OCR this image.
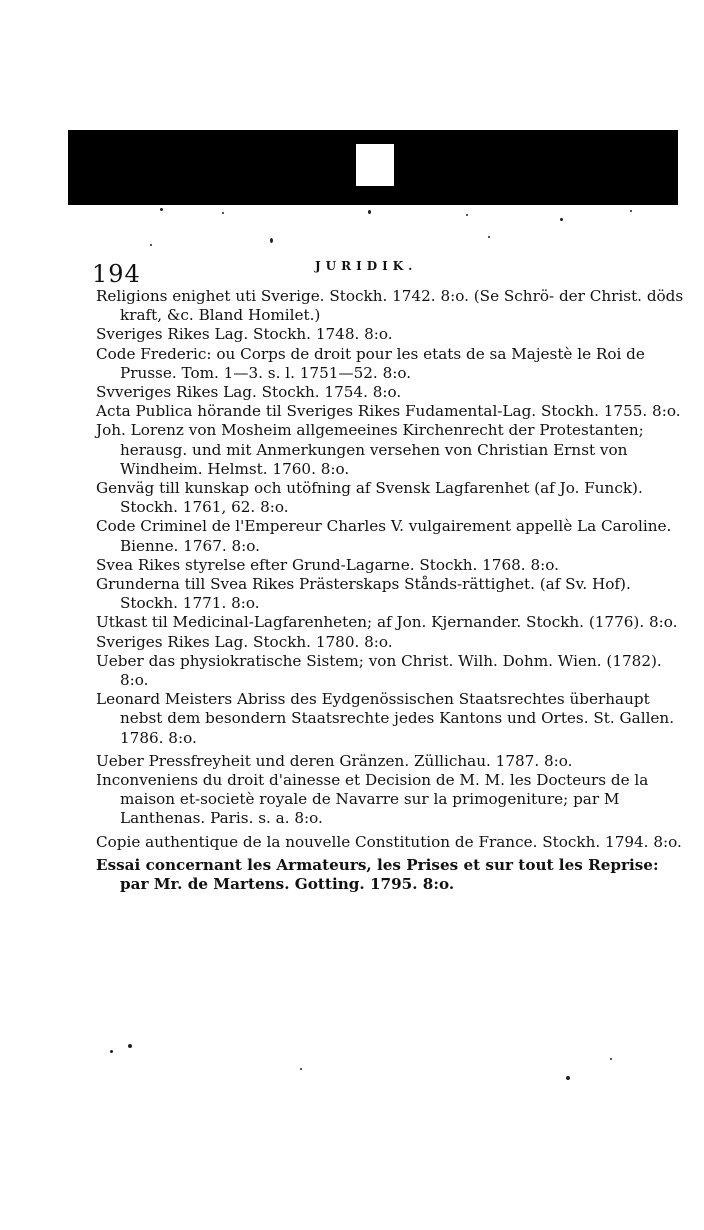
194	JURIDIK.
Religions enighet uti Sverige. Stockh. 1742. 8:o. (Se Schrö- der Christ. döds kraft, &c. Bland Homilet.)
Sveriges Rikes Lag. Stockh. 1748. 8:o.
Code Frederic: ou Corps de droit pour les etats de sa Majestè le Roi de Prusse. Tom. 1—3. s. l. 1751—52. 8:o.
Svveriges Rikes Lag. Stockh. 1754. 8:o.
Acta Publica hörande til Sveriges Rikes Fudamental-Lag. Stockh. 1755. 8:o.
Joh. Lorenz von Mosheim allgemeeines Kirchenrecht der Protestanten; herausg. und mit Anmerkungen versehen von Christian Ernst von Windheim. Helmst. 1760. 8:o.
Genväg till kunskap och utöfning af Svensk Lagfarenhet (af Jo. Funck). Stockh. 1761, 62. 8:o.
Code Criminel de l'Empereur Charles V. vulgairement appellè La Caroline. Bienne. 1767. 8:o.
Svea Rikes styrelse efter Grund-Lagarne. Stockh. 1768. 8:o.
Grunderna till Svea Rikes Prästerskaps Stånds-rättighet. (af Sv. Hof). Stockh. 1771. 8:o.
Utkast til Medicinal-Lagfarenheten; af Jon. Kjernander. Stockh. (1776). 8:o.
Sveriges Rikes Lag. Stockh. 1780. 8:o.
Ueber das physiokratische Sistem; von Christ. Wilh. Dohm. Wien. (1782). 8:o.
Leonard Meisters Abriss des Eydgenössischen Staatsrechtes überhaupt nebst dem besondern Staatsrechte jedes Kantons und Ortes. St. Gallen. 1786. 8:o.
Ueber Pressfreyheit und deren Gränzen. Züllichau. 1787. 8:o.
Inconveniens du droit d'ainesse et Decision de M. M. les Docteurs de la maison et-societè royale de Navarre sur la primogeniture; par M Lanthenas. Paris. s. a. 8:o.
Copie authentique de la nouvelle Constitution de France. Stockh. 1794. 8:o.
Essai concernant les Armateurs, les Prises et sur tout les Reprise: par Mr. de Martens. Gotting. 1795. 8:o.
